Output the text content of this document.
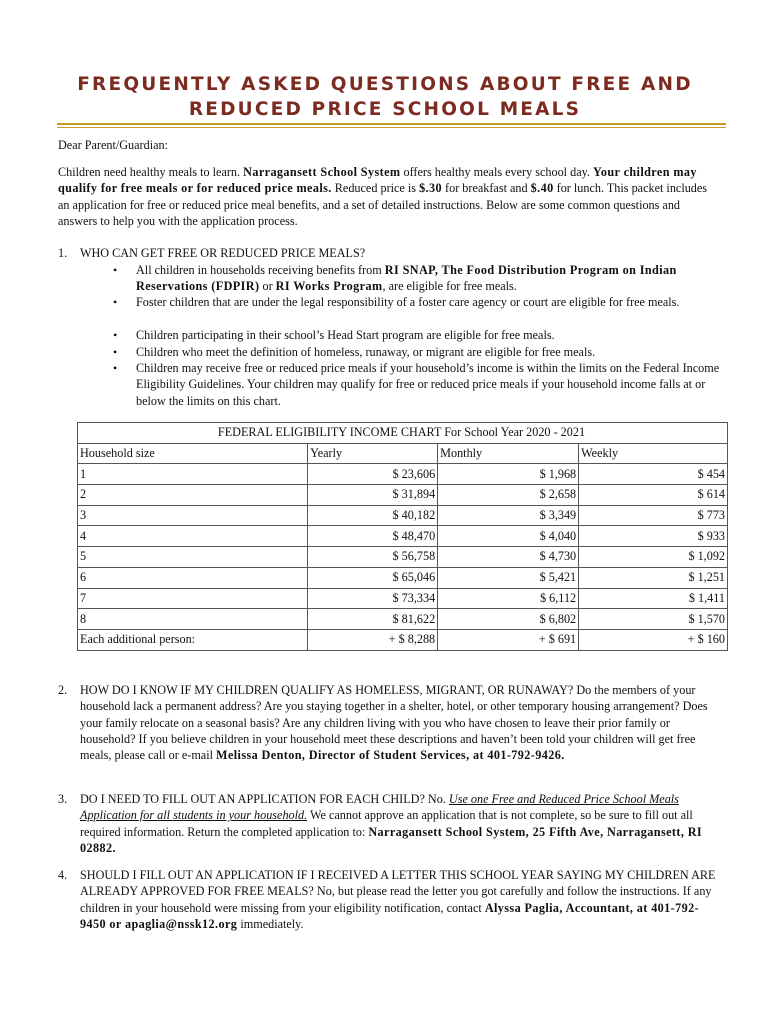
FREQUENTLY ASKED QUESTIONS ABOUT FREE AND
REDUCED PRICE SCHOOL MEALS
Dear Parent/Guardian:
Children need healthy meals to learn. Narragansett School System offers healthy meals every school day. Your children may qualify for free meals or for reduced price meals. Reduced price is $.30 for breakfast and $.40 for lunch. This packet includes an application for free or reduced price meal benefits, and a set of detailed instructions. Below are some common questions and answers to help you with the application process.
1. WHO CAN GET FREE OR REDUCED PRICE MEALS?
• All children in households receiving benefits from RI SNAP, The Food Distribution Program on Indian Reservations (FDPIR) or RI Works Program, are eligible for free meals.
• Foster children that are under the legal responsibility of a foster care agency or court are eligible for free meals.
• Children participating in their school’s Head Start program are eligible for free meals.
• Children who meet the definition of homeless, runaway, or migrant are eligible for free meals.
• Children may receive free or reduced price meals if your household’s income is within the limits on the Federal Income Eligibility Guidelines. Your children may qualify for free or reduced price meals if your household income falls at or below the limits on this chart.
FEDERAL ELIGIBILITY INCOME CHART For School Year 2020 - 2021			
Household size	Yearly	Monthly	Weekly
1	$ 23,606	$ 1,968	$ 454
2	$ 31,894	$ 2,658	$ 614
3	$ 40,182	$ 3,349	$ 773
4	$ 48,470	$ 4,040	$ 933
5	$ 56,758	$ 4,730	$ 1,092
6	$ 65,046	$ 5,421	$ 1,251
7	$ 73,334	$ 6,112	$ 1,411
8	$ 81,622	$ 6,802	$ 1,570
Each additional person:	+ $ 8,288	+ $ 691	+ $ 160
2. HOW DO I KNOW IF MY CHILDREN QUALIFY AS HOMELESS, MIGRANT, OR RUNAWAY? Do the members of your household lack a permanent address? Are you staying together in a shelter, hotel, or other temporary housing arrangement? Does your family relocate on a seasonal basis? Are any children living with you who have chosen to leave their prior family or household? If you believe children in your household meet these descriptions and haven’t been told your children will get free meals, please call or e-mail Melissa Denton, Director of Student Services, at 401-792-9426.
3. DO I NEED TO FILL OUT AN APPLICATION FOR EACH CHILD? No. Use one Free and Reduced Price School Meals Application for all students in your household. We cannot approve an application that is not complete, so be sure to fill out all required information. Return the completed application to: Narragansett School System, 25 Fifth Ave, Narragansett, RI 02882.
4. SHOULD I FILL OUT AN APPLICATION IF I RECEIVED A LETTER THIS SCHOOL YEAR SAYING MY CHILDREN ARE ALREADY APPROVED FOR FREE MEALS? No, but please read the letter you got carefully and follow the instructions. If any children in your household were missing from your eligibility notification, contact Alyssa Paglia, Accountant, at 401-792-9450 or apaglia@nssk12.org immediately.
